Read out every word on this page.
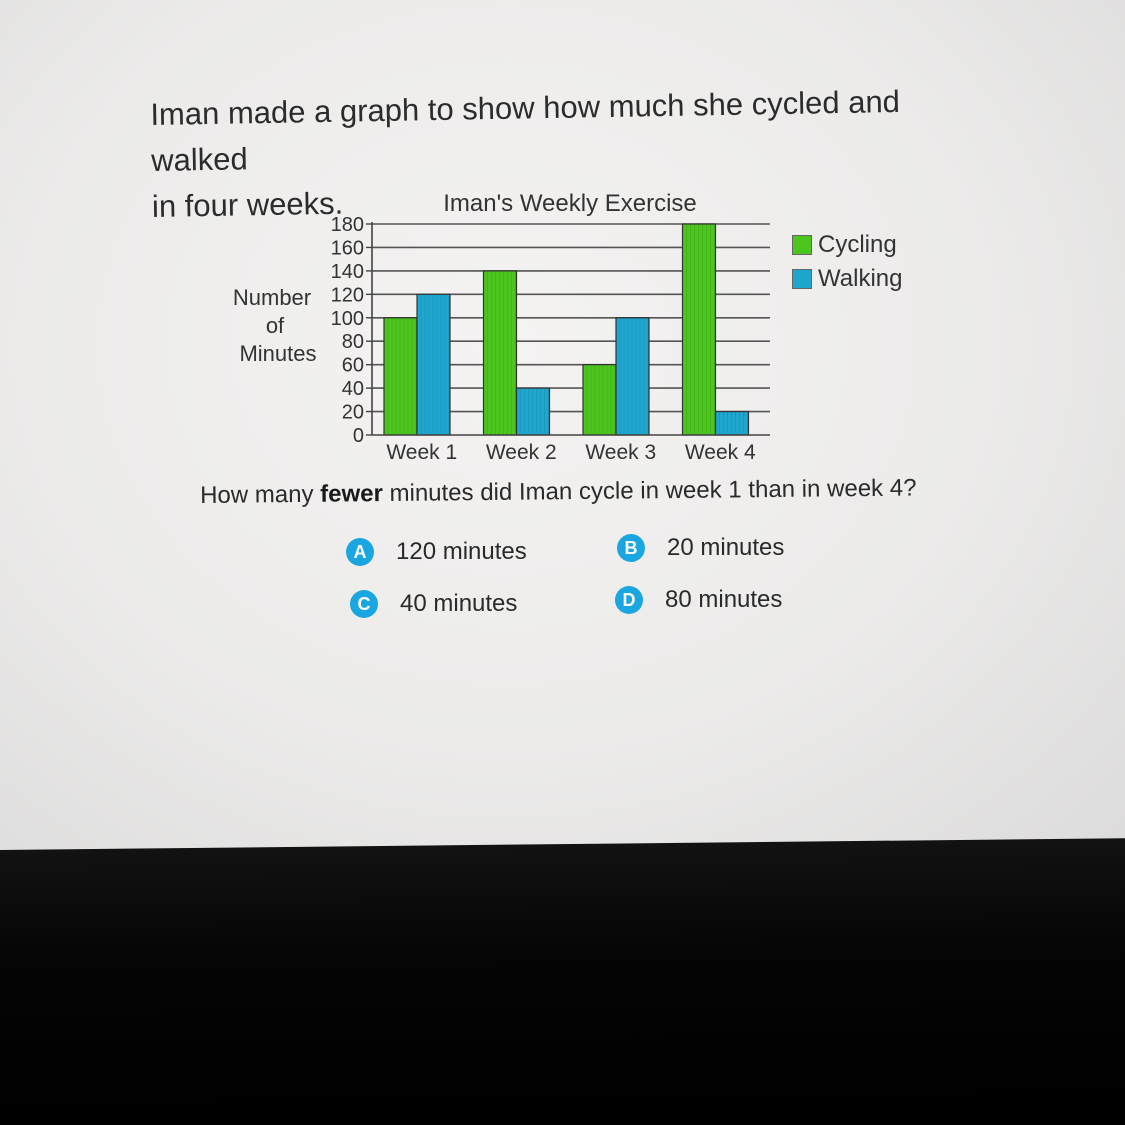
Iman made a graph to show how much she cycled and walked
in four weeks.	Iman's Weekly Exercise
0
20
40
60
80
100
120
140
160
180
Week 1 Week 2 Week 3 Week 4
Number
of
Minutes
Cycling
Walking
How many fewer minutes did Iman cycle in week 1 than in week 4?
A	120 minutes	B	20 minutes
C	40 minutes	D	80 minutes
